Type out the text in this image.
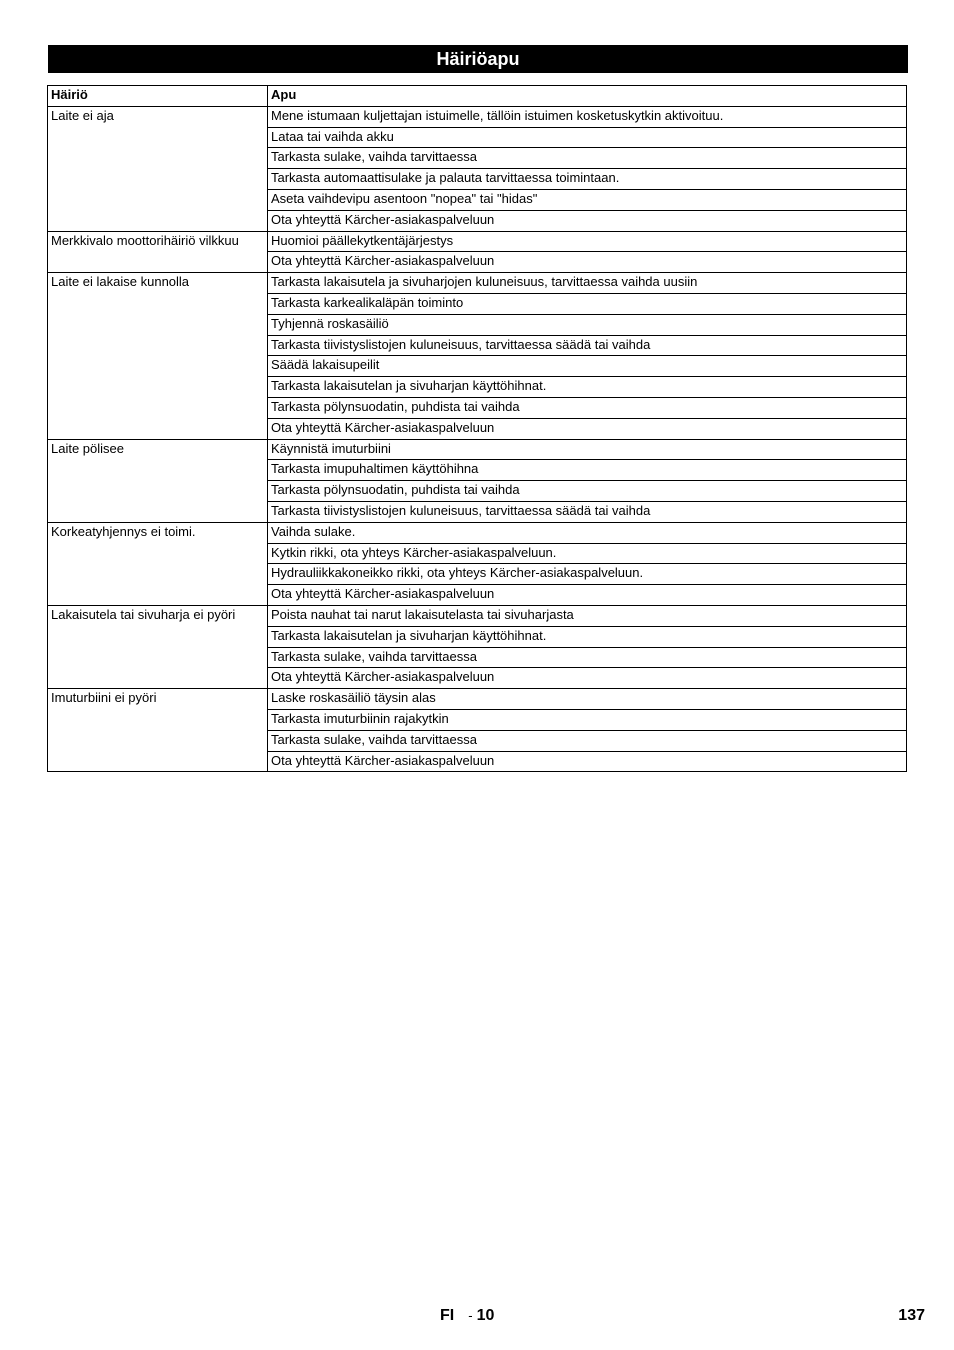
Häiriöapu
Häiriö	Apu
Laite ei aja	Mene istumaan kuljettajan istuimelle, tällöin istuimen kosketuskytkin aktivoituu.
	Lataa tai vaihda akku
	Tarkasta sulake, vaihda tarvittaessa
	Tarkasta automaattisulake ja palauta tarvittaessa toimintaan.
	Aseta vaihdevipu asentoon "nopea" tai "hidas"
	Ota yhteyttä Kärcher-asiakaspalveluun
Merkkivalo moottorihäiriö vilkkuu	Huomioi päällekytkentäjärjestys
	Ota yhteyttä Kärcher-asiakaspalveluun
Laite ei lakaise kunnolla	Tarkasta lakaisutela ja sivuharjojen kuluneisuus, tarvittaessa vaihda uusiin
	Tarkasta karkealikaläpän toiminto
	Tyhjennä roskasäiliö
	Tarkasta tiivistyslistojen kuluneisuus, tarvittaessa säädä tai vaihda
	Säädä lakaisupeilit
	Tarkasta lakaisutelan ja sivuharjan käyttöhihnat.
	Tarkasta pölynsuodatin, puhdista tai vaihda
	Ota yhteyttä Kärcher-asiakaspalveluun
Laite pölisee	Käynnistä imuturbiini
	Tarkasta imupuhaltimen käyttöhihna
	Tarkasta pölynsuodatin, puhdista tai vaihda
	Tarkasta tiivistyslistojen kuluneisuus, tarvittaessa säädä tai vaihda
Korkeatyhjennys ei toimi.	Vaihda sulake.
	Kytkin rikki, ota yhteys Kärcher-asiakaspalveluun.
	Hydrauliikkakoneikko rikki, ota yhteys Kärcher-asiakaspalveluun.
	Ota yhteyttä Kärcher-asiakaspalveluun
Lakaisutela tai sivuharja ei pyöri	Poista nauhat tai narut lakaisutelasta tai sivuharjasta
	Tarkasta lakaisutelan ja sivuharjan käyttöhihnat.
	Tarkasta sulake, vaihda tarvittaessa
	Ota yhteyttä Kärcher-asiakaspalveluun
Imuturbiini ei pyöri	Laske roskasäiliö täysin alas
	Tarkasta imuturbiinin rajakytkin
	Tarkasta sulake, vaihda tarvittaessa
	Ota yhteyttä Kärcher-asiakaspalveluun
FI - 10	137
